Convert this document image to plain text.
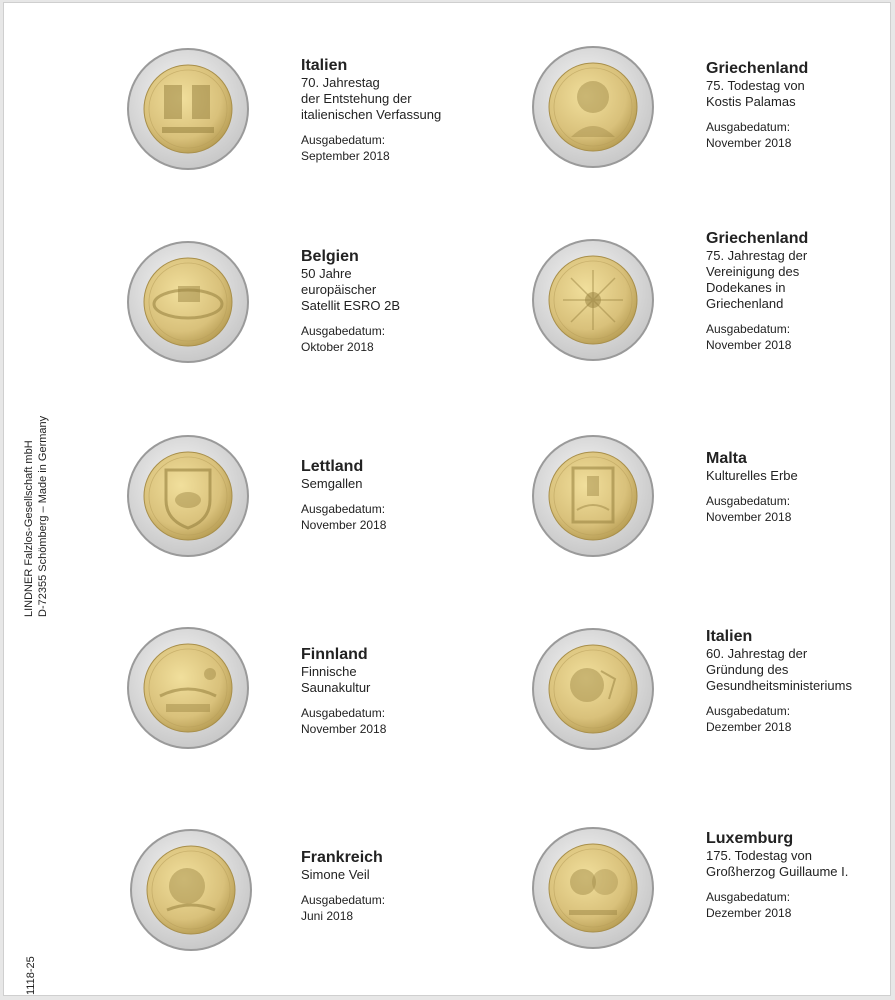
LINDNER Falzlos-Gesellschaft mbH D-72355 Schömberg – Made in Germany
1118-25
Italien
70. Jahrestag
der Entstehung der
italienischen Verfassung
Ausgabedatum:
September 2018
Belgien
50 Jahre
europäischer
Satellit ESRO 2B
Ausgabedatum:
Oktober 2018
Lettland
Semgallen
Ausgabedatum:
November 2018
Finnland
Finnische
Saunakultur
Ausgabedatum:
November 2018
Frankreich
Simone Veil
Ausgabedatum:
Juni 2018
Griechenland
75. Todestag von
Kostis Palamas
Ausgabedatum:
November 2018
Griechenland
75. Jahrestag der
Vereinigung des
Dodekanes in
Griechenland
Ausgabedatum:
November 2018
Malta
Kulturelles Erbe
Ausgabedatum:
November 2018
Italien
60. Jahrestag der
Gründung des
Gesundheitsministeriums
Ausgabedatum:
Dezember 2018
Luxemburg
175. Todestag von
Großherzog Guillaume I.
Ausgabedatum:
Dezember 2018
